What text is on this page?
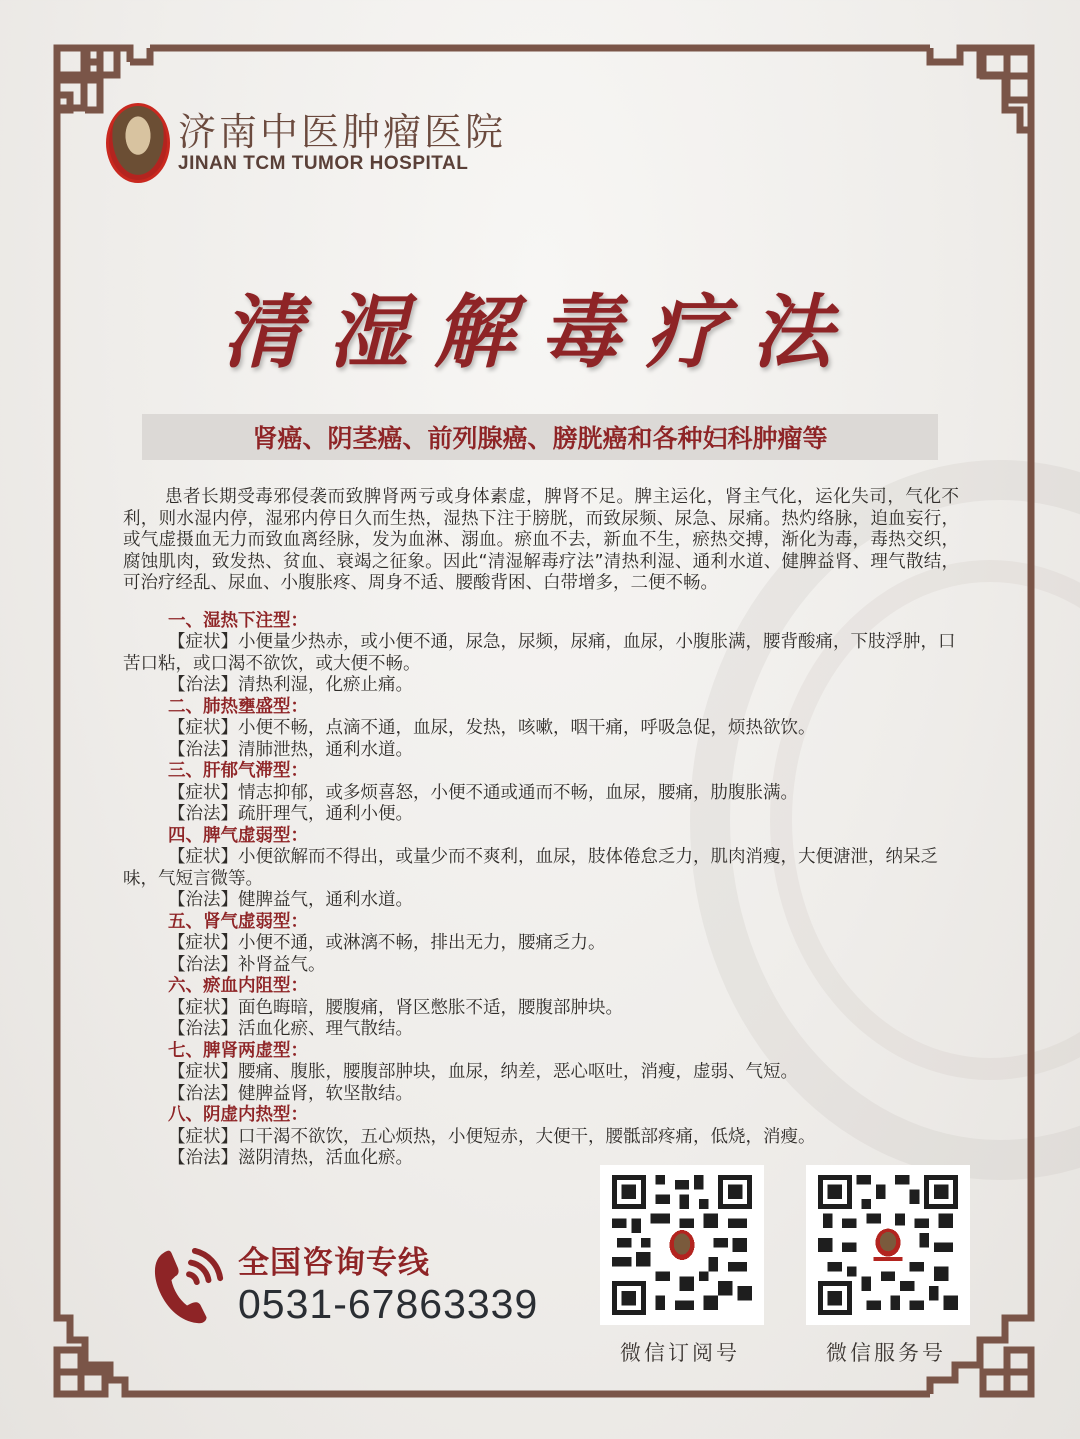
济南中医肿瘤医院
JINAN TCM TUMOR HOSPITAL
清湿解毒疗法
肾癌、阴茎癌、前列腺癌、膀胱癌和各种妇科肿瘤等

患者长期受毒邪侵袭而致脾肾两亏或身体素虚，脾肾不足。脾主运化，肾主气化，运化失司，气化不利，则水湿内停，湿邪内停日久而生热，湿热下注于膀胱，而致尿频、尿急、尿痛。热灼络脉，迫血妄行，或气虚摄血无力而致血离经脉，发为血淋、溺血。瘀血不去，新血不生，瘀热交搏，渐化为毒，毒热交织，腐蚀肌肉，致发热、贫血、衰竭之征象。因此“清湿解毒疗法”清热利湿、通利水道、健脾益肾、理气散结，可治疗经乱、尿血、小腹胀疼、周身不适、腰酸背困、白带增多，二便不畅。

一、湿热下注型：
【症状】小便量少热赤，或小便不通，尿急，尿频，尿痛，血尿，小腹胀满，腰背酸痛，下肢浮肿，口苦口粘，或口渴不欲饮，或大便不畅。
【治法】清热利湿，化瘀止痛。
二、肺热壅盛型：
【症状】小便不畅，点滴不通，血尿，发热，咳嗽，咽干痛，呼吸急促，烦热欲饮。
【治法】清肺泄热，通利水道。
三、肝郁气滞型：
【症状】情志抑郁，或多烦喜怒，小便不通或通而不畅，血尿，腰痛，肋腹胀满。
【治法】疏肝理气，通利小便。
四、脾气虚弱型：
【症状】小便欲解而不得出，或量少而不爽利，血尿，肢体倦怠乏力，肌肉消瘦，大便溏泄，纳呆乏味，气短言微等。
【治法】健脾益气，通利水道。
五、肾气虚弱型：
【症状】小便不通，或淋漓不畅，排出无力，腰痛乏力。
【治法】补肾益气。
六、瘀血内阻型：
【症状】面色晦暗，腰腹痛，肾区憋胀不适，腰腹部肿块。
【治法】活血化瘀、理气散结。
七、脾肾两虚型：
【症状】腰痛、腹胀，腰腹部肿块，血尿，纳差，恶心呕吐，消瘦，虚弱、气短。
【治法】健脾益肾，软坚散结。
八、阴虚内热型：
【症状】口干渴不欲饮，五心烦热，小便短赤，大便干，腰骶部疼痛，低烧，消瘦。
【治法】滋阴清热，活血化瘀。
全国咨询专线
0531-67863339
微信订阅号	微信服务号
